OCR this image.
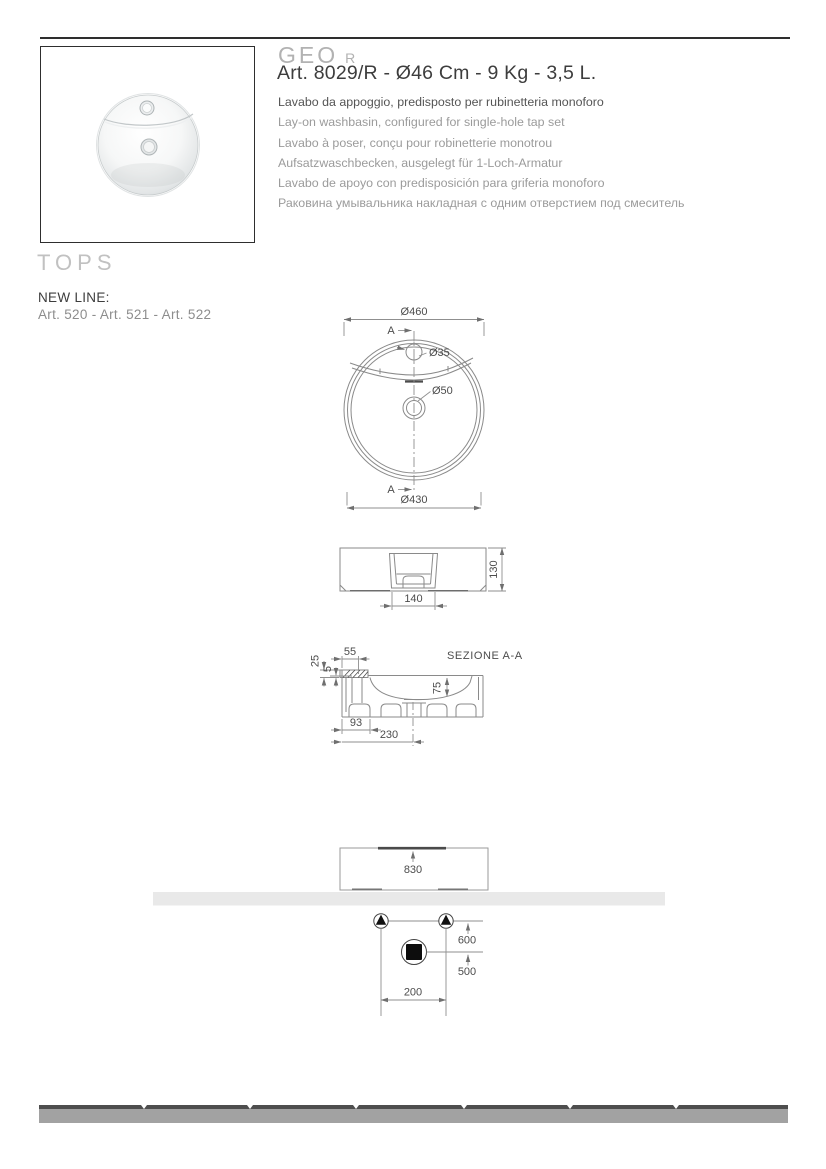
GEO R
Art. 8029/R - Ø46 Cm - 9 Kg - 3,5 L.
Lavabo da appoggio, predisposto per rubinetteria monoforo
Lay-on washbasin, configured for single-hole tap set
Lavabo à poser, conçu pour robinetterie monotrou
Aufsatzwaschbecken, ausgelegt für 1-Loch-Armatur
Lavabo de apoyo con predisposición para griferia monoforo
Раковина умывальника накладная с одним отверстием под смеситель
TOPS
NEW LINE:
Art. 520 - Art. 521 - Art. 522	Ø460
Ø35
Ø50
A
A
Ø430
130
140
SEZIONE A-A
55
25
5
75
93
230
830
600
500
200
